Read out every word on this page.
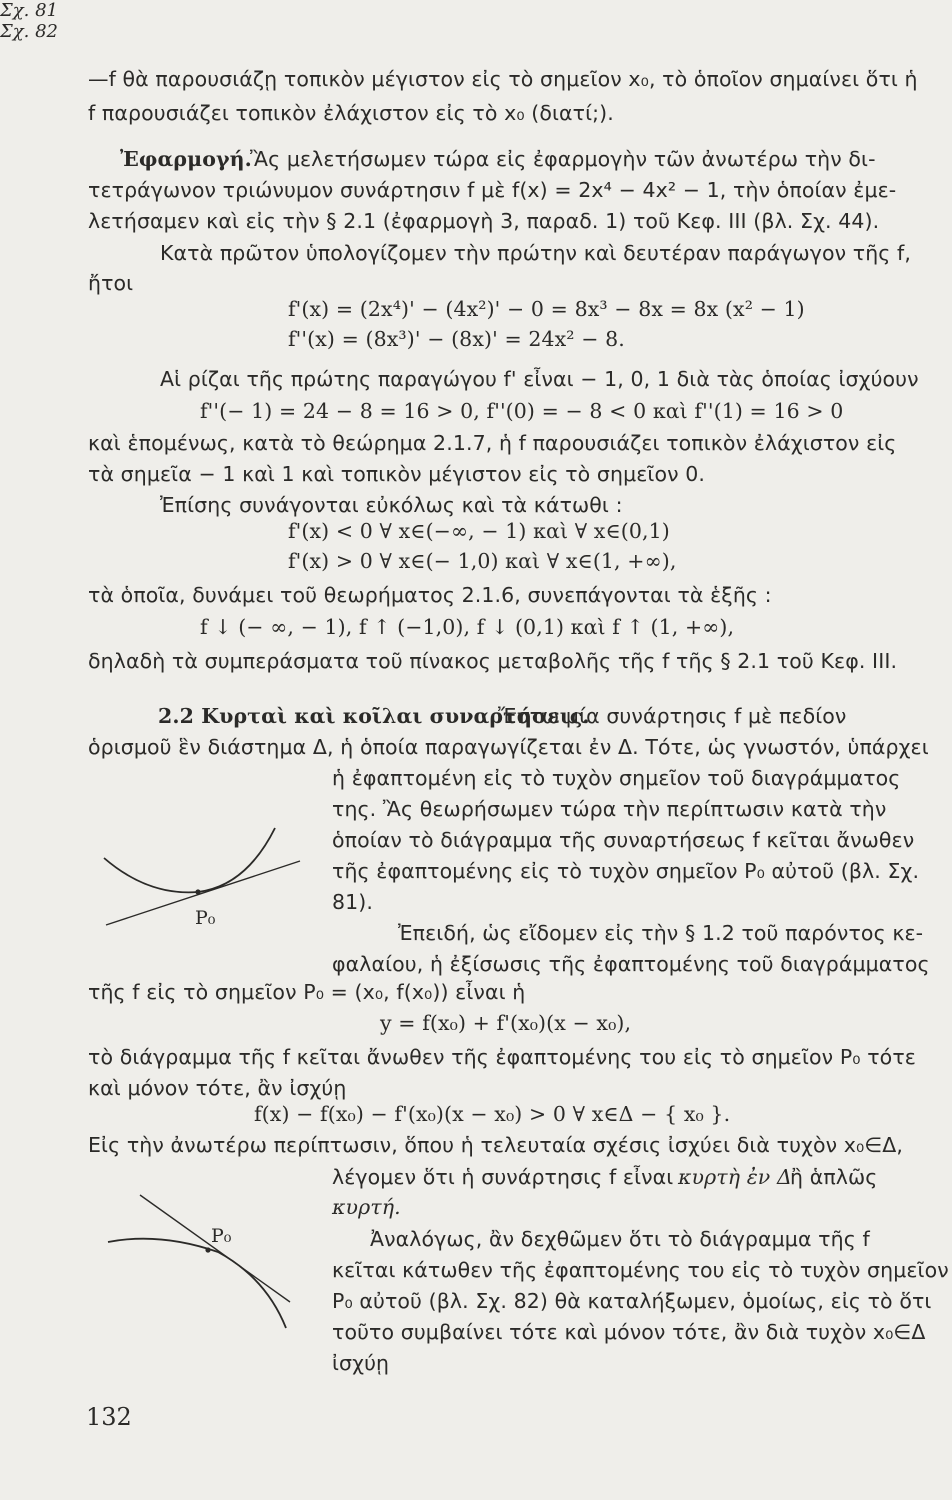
—f θὰ παρουσιάζῃ τοπικὸν μέγιστον εἰς τὸ σημεῖον x₀, τὸ ὁποῖον σημαίνει ὅτι ἡ
f παρουσιάζει τοπικὸν ἐλάχιστον εἰς τὸ x₀ (διατί;).
Ἐφαρμογή.
Ἂς μελετήσωμεν τώρα εἰς ἐφαρμογὴν τῶν ἀνωτέρω τὴν δι-
τετράγωνον τριώνυμον συνάρτησιν f μὲ f(x) = 2x⁴ − 4x² − 1, τὴν ὁποίαν ἐμε-
λετήσαμεν καὶ εἰς τὴν § 2.1 (ἐφαρμογὴ 3, παραδ. 1) τοῦ Κεφ. III (βλ. Σχ. 44).
Κατὰ πρῶτον ὑπολογίζομεν τὴν πρώτην καὶ δευτέραν παράγωγον τῆς f,
ἤτοι
f'(x) = (2x⁴)' − (4x²)' − 0 = 8x³ − 8x = 8x (x² − 1)
f''(x) = (8x³)' − (8x)' = 24x² − 8.
Αἱ ρίζαι τῆς πρώτης παραγώγου f' εἶναι − 1, 0, 1 διὰ τὰς ὁποίας ἰσχύουν
f''(− 1) = 24 − 8 = 16 > 0, f''(0) = − 8 < 0 καὶ f''(1) = 16 > 0
καὶ ἑπομένως, κατὰ τὸ θεώρημα 2.1.7, ἡ f παρουσιάζει τοπικὸν ἐλάχιστον εἰς
τὰ σημεῖα − 1 καὶ 1 καὶ τοπικὸν μέγιστον εἰς τὸ σημεῖον 0.
Ἐπίσης συνάγονται εὐκόλως καὶ τὰ κάτωθι :
f'(x) < 0 ∀ x∈(−∞, − 1) καὶ ∀ x∈(0,1)
f'(x) > 0 ∀ x∈(− 1,0) καὶ ∀ x∈(1, +∞),
τὰ ὁποῖα, δυνάμει τοῦ θεωρήματος 2.1.6, συνεπάγονται τὰ ἑξῆς :
f ↓ (− ∞, − 1), f ↑ (−1,0), f ↓ (0,1) καὶ f ↑ (1, +∞),
δηλαδὴ τὰ συμπεράσματα τοῦ πίνακος μεταβολῆς τῆς f τῆς § 2.1 τοῦ Κεφ. III.
2.2 Κυρταὶ καὶ κοῖλαι συναρτήσεις.
Ἔστω μία συνάρτησις f μὲ πεδίον
ὁρισμοῦ ἓν διάστημα Δ, ἡ ὁποία παραγωγίζεται ἐν Δ. Τότε, ὡς γνωστόν, ὑπάρχει
ἡ ἐφαπτομένη εἰς τὸ τυχὸν σημεῖον τοῦ διαγράμματος
της. Ἂς θεωρήσωμεν τώρα τὴν περίπτωσιν κατὰ τὴν
ὁποίαν τὸ διάγραμμα τῆς συναρτήσεως f κεῖται ἄνωθεν
τῆς ἐφαπτομένης εἰς τὸ τυχὸν σημεῖον P₀ αὐτοῦ (βλ. Σχ.
81).
Ἐπειδή, ὡς εἴδομεν εἰς τὴν § 1.2 τοῦ παρόντος κε-
φαλαίου, ἡ ἐξίσωσις τῆς ἐφαπτομένης τοῦ διαγράμματος
P₀
Σχ. 81
τῆς f εἰς τὸ σημεῖον P₀ = (x₀, f(x₀)) εἶναι ἡ
y = f(x₀) + f'(x₀)(x − x₀),
τὸ διάγραμμα τῆς f κεῖται ἄνωθεν τῆς ἐφαπτομένης του εἰς τὸ σημεῖον P₀ τότε
καὶ μόνον τότε, ἂν ἰσχύῃ
f(x) − f(x₀) − f'(x₀)(x − x₀) > 0 ∀ x∈Δ − { x₀ }.
Εἰς τὴν ἀνωτέρω περίπτωσιν, ὅπου ἡ τελευταία σχέσις ἰσχύει διὰ τυχὸν x₀∈Δ,
λέγομεν ὅτι ἡ συνάρτησις f εἶναι κυρτὴ ἐν Δ
ἢ ἁπλῶς
κυρτή.
Ἀναλόγως, ἂν δεχθῶμεν ὅτι τὸ διάγραμμα τῆς f
κεῖται κάτωθεν τῆς ἐφαπτομένης του εἰς τὸ τυχὸν σημεῖον
P₀ αὐτοῦ (βλ. Σχ. 82) θὰ καταλήξωμεν, ὁμοίως, εἰς τὸ ὅτι
τοῦτο συμβαίνει τότε καὶ μόνον τότε, ἂν διὰ τυχὸν x₀∈Δ
ἰσχύῃ
P₀
Σχ. 82
132
